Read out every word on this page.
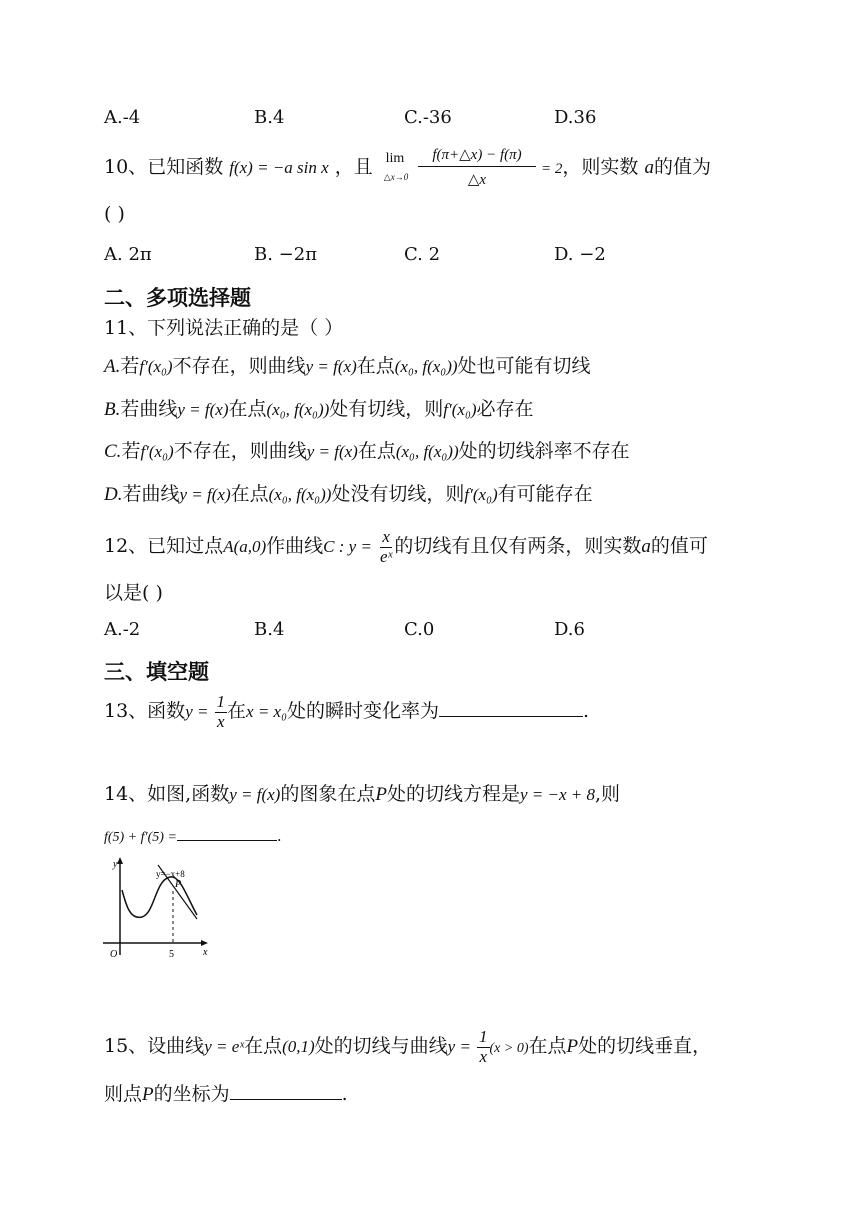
A.-4	B.4	C.-36	D.36
10、已知函数 f(x) = −a sin x ，且 lim
△x→0
f(π+△x) − f(π)
△x
= 2，则实数 a的值为
( )
A. 2π	B. −2π	C. 2	D. −2
二、多项选择题
11、下列说法正确的是（ ）
A.若f′(x₀)不存在，则曲线y = f(x)在点(x₀, f(x₀))处也可能有切线
B.若曲线y = f(x)在点(x₀, f(x₀))处有切线，则f′(x₀)必存在
C.若f′(x₀)不存在，则曲线y = f(x)在点(x₀, f(x₀))处的切线斜率不存在
D.若曲线y = f(x)在点(x₀, f(x₀))处没有切线，则f′(x₀)有可能存在
12、已知过点A(a,0)作曲线C : $y = \frac{x}{\text{eˣ}}$ 的切线有且仅有两条，则实数a的值可
以是( )
A.-2	B.4	C.0	D.6
三、填空题
13、函数$y = \frac{1}{x}$ 在x = x₀处的瞬时变化率为	.
14、如图,函数y = f(x)的图象在点P处的切线方程是y = −x + 8,则
f(5) + f′(5) =	.
y
x
O	5
P
y=−x+8
15、设曲线y = eˣ在点(0,1)处的切线与曲线$y = \frac{1}{x} (x > 0)$在点P处的切线垂直，
则点P的坐标为	.
